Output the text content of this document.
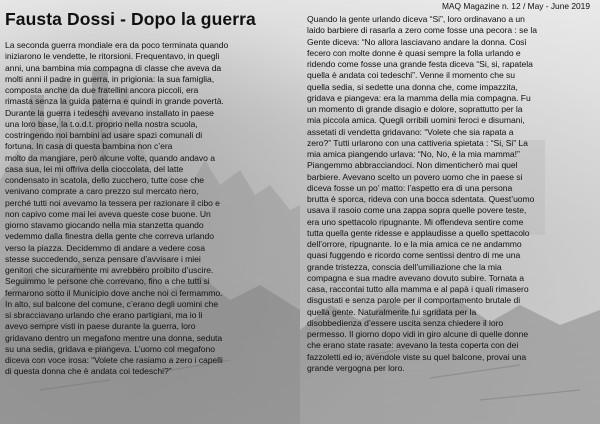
MAQ Magazine n. 12 / May - June 2019
Fausta Dossi - Dopo la guerra

La seconda guerra mondiale era da poco terminata quando

iniziarono le vendette, le ritorsioni. Frequentavo, in quegli

anni, una bambina mia compagna di classe che aveva da

molti anni il padre in guerra, in prigionia: la sua famiglia,

composta anche da due fratellini ancora piccoli, era

rimasta senza la guida paterna e quindi in grande povertà.

Durante la guerra i tedeschi avevano installato in paese

una loro base, la t.o.d.t. proprio nella nostra scuola,

costringendo noi bambini ad usare spazi comunali di

fortuna. In casa di questa bambina non c’era

molto da mangiare, però alcune volte, quando andavo a

casa sua, lei mi offriva della cioccolata, del latte

condensato in scatola, dello zucchero, tutte cose che

venivano comprate a caro prezzo sul mercato nero,

perché tutti noi avevamo la tessera per razionare il cibo e

non capivo come mai lei aveva queste cose buone. Un

giorno stavamo giocando nella mia stanzetta quando

vedemmo dalla finestra della gente che correva urlando

verso la piazza. Decidemmo di andare a vedere cosa

stesse succedendo, senza pensare d’avvisare i miei

genitori che sicuramente mi avrebbero proibito d’uscire.

Seguimmo le persone che correvano, fino a che tutti si

fermarono sotto il Municipio dove anche noi ci fermammo.

In alto, sul balcone del comune, c’erano degli uomini che

si sbracciavano urlando che erano partigiani, ma io li

avevo sempre visti in paese durante la guerra, loro

gridavano dentro un megafono mentre una donna, seduta

su una sedia, gridava e piangeva. L’uomo col megafono

diceva con voce irosa: “Volete che rasiamo a zero i capelli

di questa donna che è andata coi tedeschi?”

Quando la gente urlando diceva “Si”, loro ordinavano a un

laido barbiere di rasarla a zero come fosse una pecora : se la

Gente diceva: “No allora lasciavano andare la donna. Così

fecero con molte donne è quasi sempre la folla urlando e

ridendo come fosse una grande festa diceva “Si, si, rapatela

quella è andata coi tedeschi”. Venne il momento che su

quella sedia, si sedette una donna che, come impazzita,

gridava e piangeva: era la mamma della mia compagna. Fu

un momento di grande disagio e dolore, soprattutto per la

mia piccola amica. Quegli orribili uomini feroci e disumani,

assetati di vendetta gridavano: “Volete che sia rapata a

zero?” Tutti urlarono con una cattiveria spietata : “Si, Si” La

mia amica piangendo urlava: “No, No, è la mia mamma!”

Piangemmo abbracciandoci. Non dimenticherò mai quel

barbiere. Avevano scelto un povero uomo che in paese si

diceva fosse un po’ matto: l’aspetto era di una persona

brutta è sporca, rideva con una bocca sdentata. Quest’uomo

usava il rasoio come una zappa sopra quelle povere teste,

era uno spettacolo ripugnante. Mi offendeva sentire come

tutta quella gente ridesse e applaudisse a quello spettacolo

dell’orrore, ripugnante. Io e la mia amica ce ne andammo

quasi fuggendo e ricordo come sentissi dentro di me una

grande tristezza, conscia dell’umiliazione che la mia

compagna e sua madre avevano dovuto subire. Tornata a

casa, raccontai tutto alla mamma e al papà i quali rimasero

disgustati e senza parole per il comportamento brutale di

quella gente. Naturalmente fui sgridata per la

disobbedienza d’essere uscita senza chiedere il loro

permesso. Il giorno dopo vidi in giro alcune di quelle donne

che erano state rasate: avevano la testa coperta con dei

fazzoletti ed io, avendole viste su quel balcone, provai una

grande vergogna per loro.
